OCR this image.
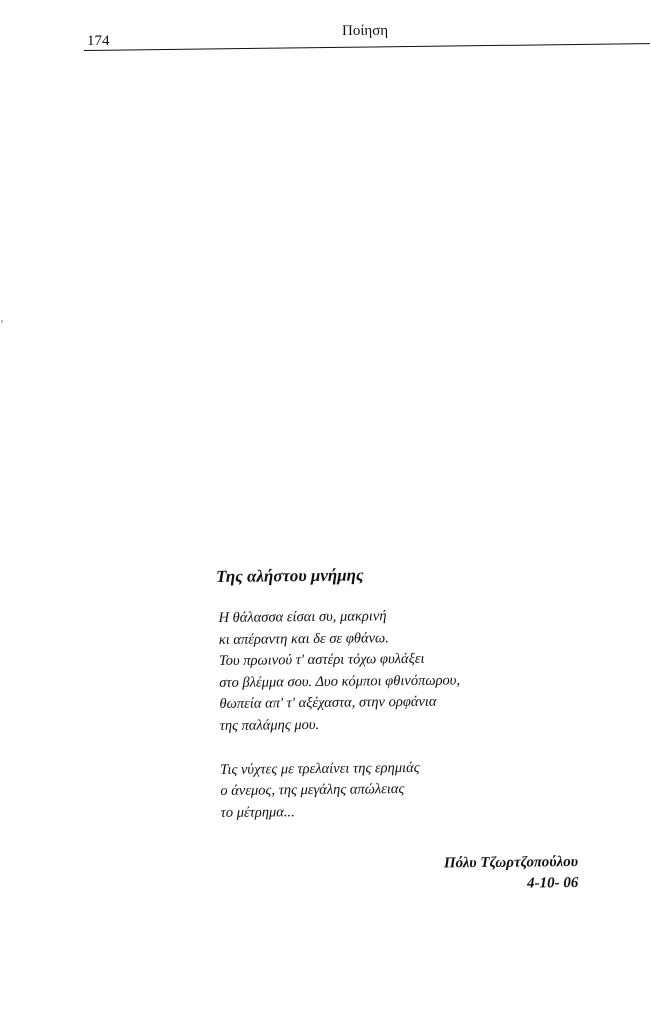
174
Ποίηση
Της αλήστου μνήμης
Η θάλασσα είσαι συ, μακρινή
κι απέραντη και δε σε φθάνω.
Του πρωινού τ' αστέρι τόχω φυλάξει
στο βλέμμα σου. Δυο κόμποι φθινόπωρου,
θωπεία απ' τ' αξέχαστα, στην ορφάνια
της παλάμης μου.
Τις νύχτες με τρελαίνει της ερημιάς
ο άνεμος, της μεγάλης απώλειας
το μέτρημα...
Πόλυ Τζωρτζοπούλου
4-10- 06
